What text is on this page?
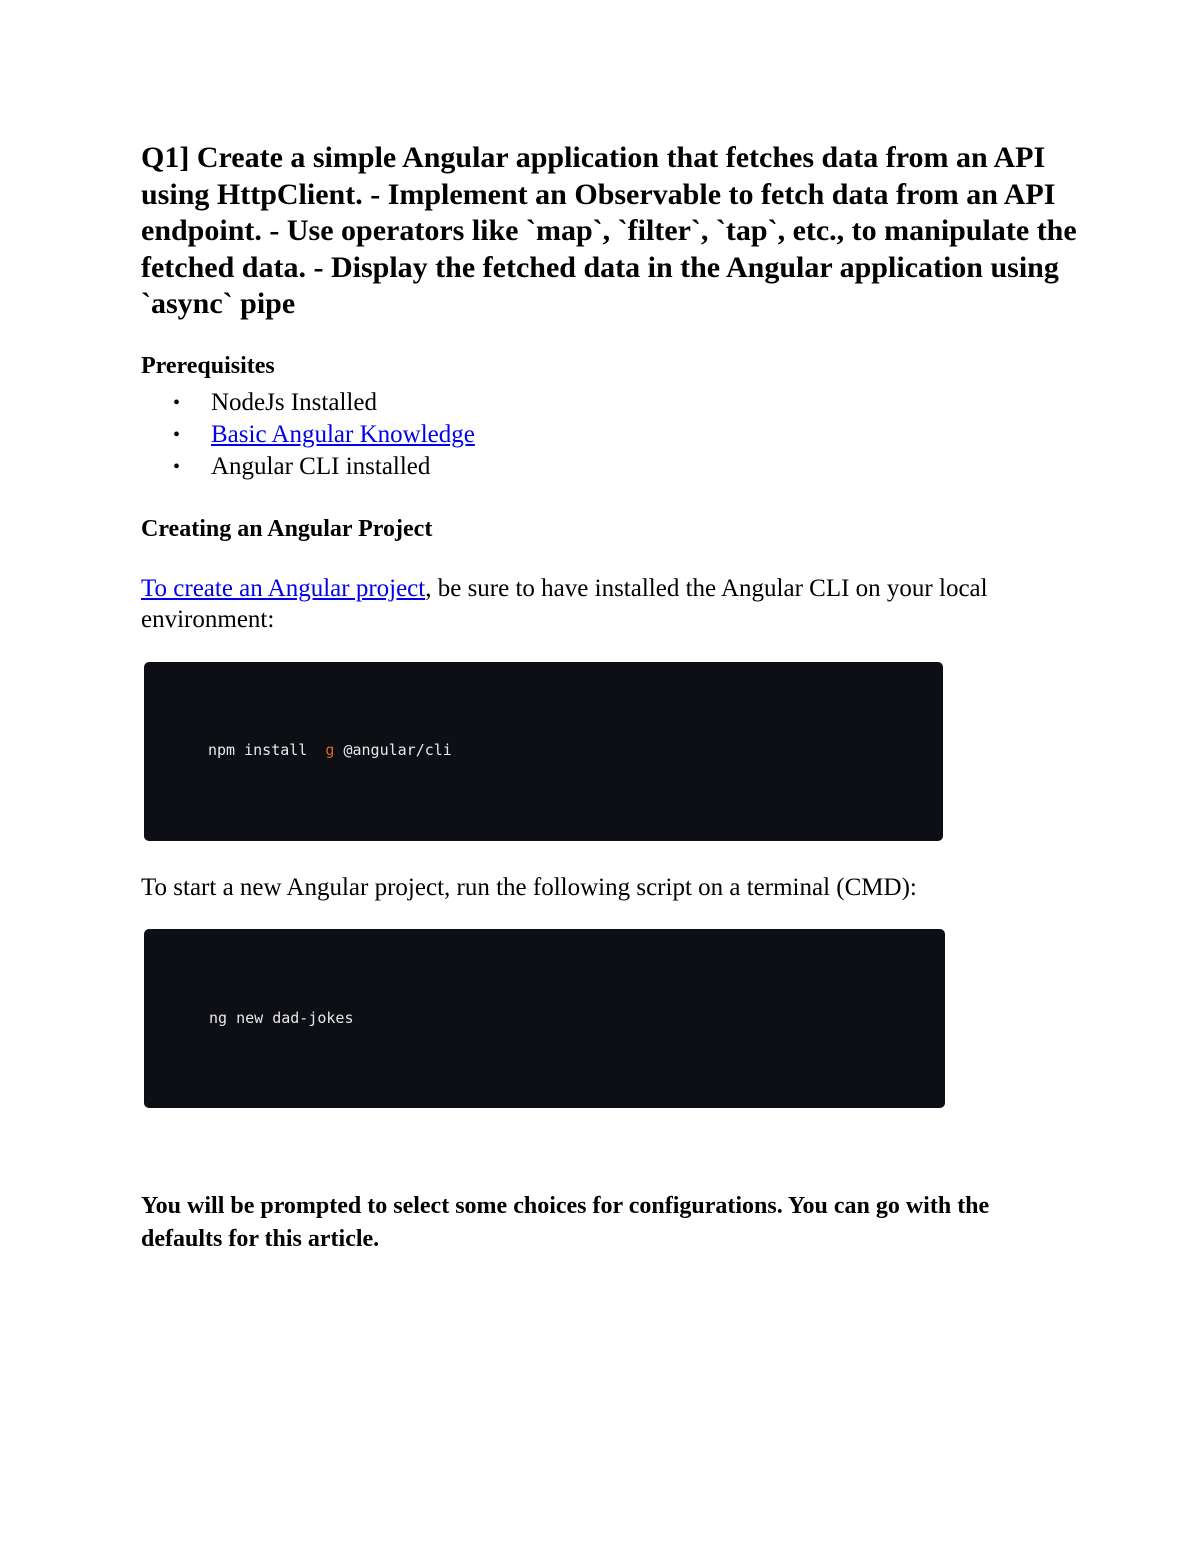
Q1] Create a simple Angular application that fetches data from an API using HttpClient. - Implement an Observable to fetch data from an API endpoint. - Use operators like `map`, `filter`, `tap`, etc., to manipulate the fetched data. - Display the fetched data in the Angular application using `async` pipe
Prerequisites
• NodeJs Installed
• Basic Angular Knowledge
• Angular CLI installed
Creating an Angular Project

To create an Angular project, be sure to have installed the Angular CLI on your local environment:

npm install  g @angular/cli

To start a new Angular project, run the following script on a terminal (CMD):

ng new dad-jokes

You will be prompted to select some choices for configurations. You can go with the defaults for this article.
